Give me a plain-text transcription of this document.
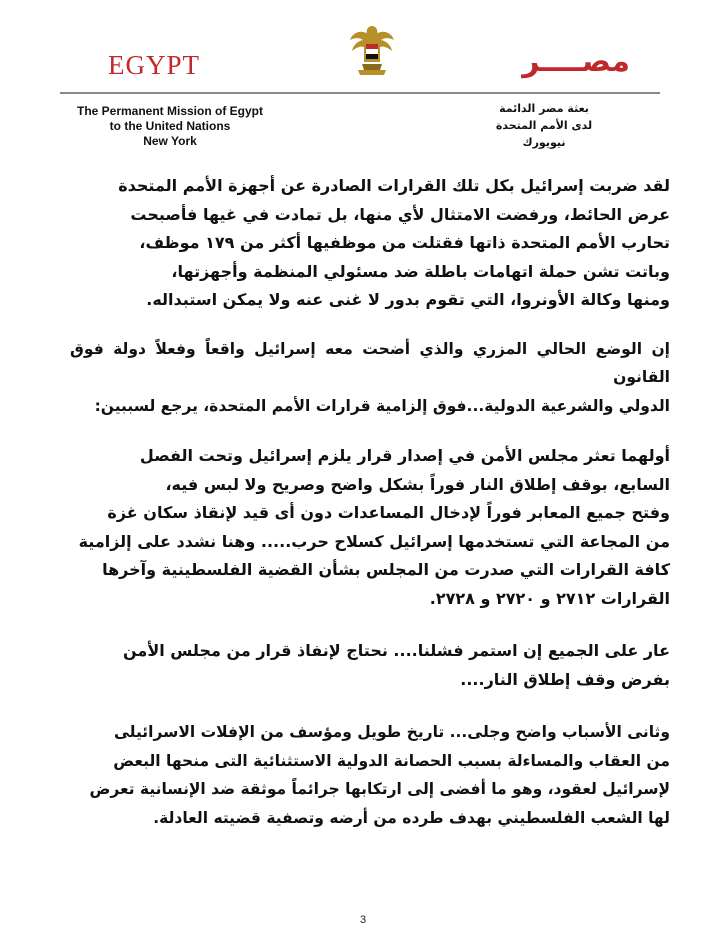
EGYPT	مصــــر
The Permanent Mission of Egypt
to the United Nations
New York
بعثة مصر الدائمة
لدى الأمم المتحدة
نيويورك

لقد ضربت إسرائيل بكل تلك القرارات الصادرة عن أجهزة الأمم المتحدة
عرض الحائط، ورفضت الامتثال لأي منها، بل تمادت في غيها فأصبحت
تحارب الأمم المتحدة ذاتها فقتلت من موظفيها أكثر من ١٧٩ موظف،
وباتت تشن حملة اتهامات باطلة ضد مسئولي المنظمة وأجهزتها،
ومنها وكالة الأونروا، التي تقوم بدور لا غنى عنه ولا يمكن استبداله.

إن الوضع الحالي المزري والذي أضحت معه إسرائيل واقعاً وفعلاً دولة فوق القانون
الدولي والشرعية الدولية...فوق إلزامية قرارات الأمم المتحدة، يرجع لسببين:

أولهما تعثر مجلس الأمن في إصدار قرار يلزم إسرائيل وتحت الفصل
السابع، بوقف إطلاق النار فوراً بشكل واضح وصريح ولا لبس فيه،
وفتح جميع المعابر فوراً لإدخال المساعدات دون أى قيد لإنقاذ سكان غزة
من المجاعة التي تستخدمها إسرائيل كسلاح حرب..... وهنا نشدد على إلزامية
كافة القرارات التي صدرت من المجلس بشأن القضية الفلسطينية وآخرها
القرارات ٢٧١٢ و ٢٧٢٠ و ٢٧٢٨.

عار على الجميع إن استمر فشلنا.... نحتاج لإنفاذ قرار من مجلس الأمن
بفرض وقف إطلاق النار....

وثانى الأسباب واضح وجلى... تاريخ طويل ومؤسف من الإفلات الاسرائيلى
من العقاب والمساءلة بسبب الحصانة الدولية الاستثنائية التى منحها البعض
لإسرائيل لعقود، وهو ما أفضى إلى ارتكابها جرائماً موثقة ضد الإنسانية تعرض
لها الشعب الفلسطيني بهدف طرده من أرضه وتصفية قضيته العادلة.

3
